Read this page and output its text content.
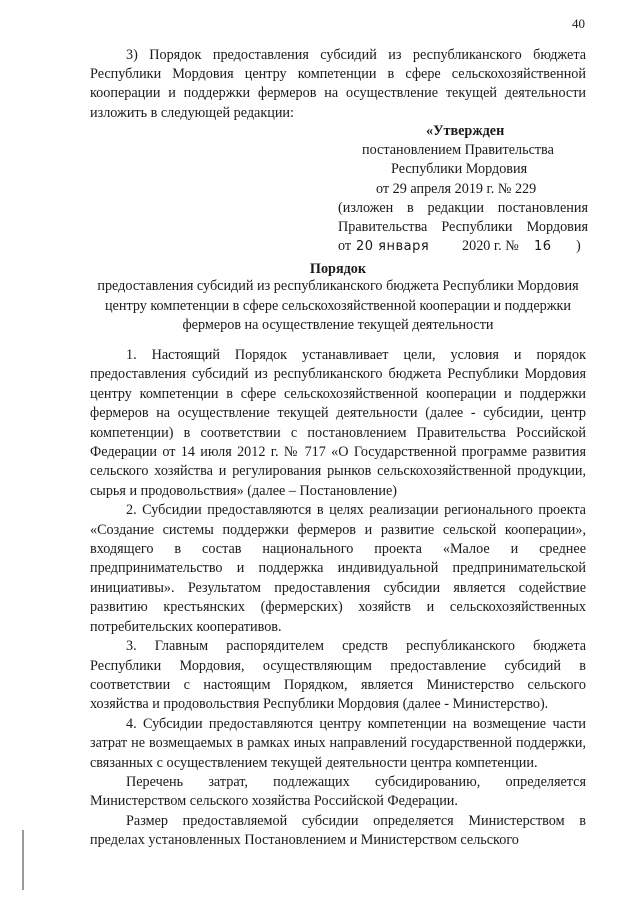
40
3) Порядок предоставления субсидий из республиканского бюджета Республики Мордовия центру компетенции в сфере сельскохозяйственной кооперации и поддержки фермеров на осуществление текущей деятельности изложить в следующей редакции:
«Утвержден
постановлением Правительства
Республики Мордовия
от 29 апреля 2019 г. № 229
(изложен в редакции постановления
Правительства Республики Мордовия
от 20 января 2020 г. № 16 )
Порядок
предоставления субсидий из республиканского бюджета Республики Мордовия центру компетенции в сфере сельскохозяйственной кооперации и поддержки фермеров на осуществление текущей деятельности

1. Настоящий Порядок устанавливает цели, условия и порядок предоставления субсидий из республиканского бюджета Республики Мордовия центру компетенции в сфере сельскохозяйственной кооперации и поддержки фермеров на осуществление текущей деятельности (далее - субсидии, центр компетенции) в соответствии с постановлением Правительства Российской Федерации от 14 июля 2012 г. № 717 «О Государственной программе развития сельского хозяйства и регулирования рынков сельскохозяйственной продукции, сырья и продовольствия» (далее – Постановление)

2. Субсидии предоставляются в целях реализации регионального проекта «Создание системы поддержки фермеров и развитие сельской кооперации», входящего в состав национального проекта «Малое и среднее предпринимательство и поддержка индивидуальной предпринимательской инициативы». Результатом предоставления субсидии является содействие развитию крестьянских (фермерских) хозяйств и сельскохозяйственных потребительских кооперативов.

3. Главным распорядителем средств республиканского бюджета Республики Мордовия, осуществляющим предоставление субсидий в соответствии с настоящим Порядком, является Министерство сельского хозяйства и продовольствия Республики Мордовия (далее - Министерство).

4. Субсидии предоставляются центру компетенции на возмещение части затрат не возмещаемых в рамках иных направлений государственной поддержки, связанных с осуществлением текущей деятельности центра компетенции.

Перечень затрат, подлежащих субсидированию, определяется Министерством сельского хозяйства Российской Федерации.

Размер предоставляемой субсидии определяется Министерством в пределах установленных Постановлением и Министерством сельского
